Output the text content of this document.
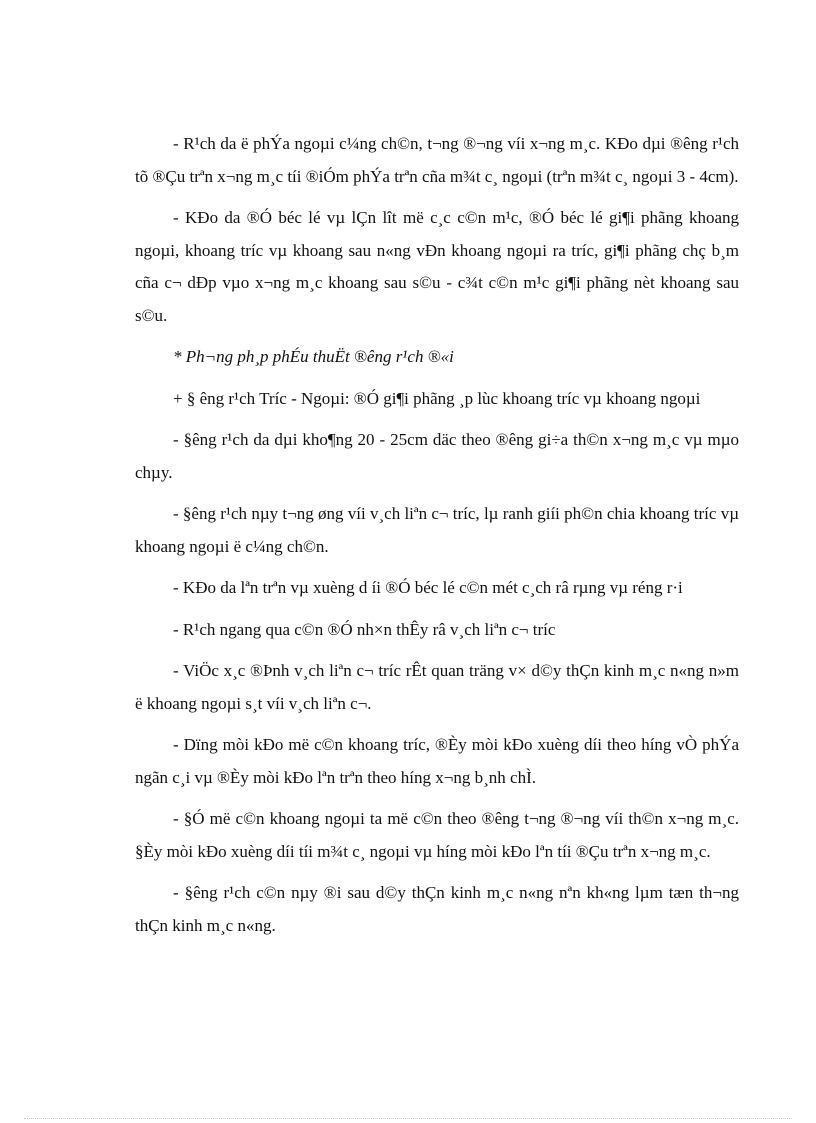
- R¹ch da ë phÝa ngoµi c¼ng ch©n, t¬ng ®¬ng víi x¬ng m¸c. KÐo dµi ®êng r¹ch tõ ®Çu trªn x¬ng m¸c tíi ®iÓm phÝa trªn cña m¾t c¸ ngoµi (trªn m¾t c¸ ngoµi 3 - 4cm).

- KÐo da ®Ó béc lé vµ lÇn lît më c¸c c©n m¹c, ®Ó béc lé gi¶i phãng khoang ngoµi, khoang tríc vµ khoang sau n«ng vÐn khoang ngoµi ra tríc, gi¶i phãng chç b¸m cña c¬ dÐp vµo x¬ng m¸c khoang sau s©u - c¾t c©n m¹c gi¶i phãng nèt khoang sau s©u.

* Ph¬ng ph¸p phÉu thuËt ®êng r¹ch ®«i

+ § êng r¹ch Tríc - Ngoµi: ®Ó gi¶i phãng ¸p lùc khoang tríc vµ khoang ngoµi

- §êng r¹ch da dµi kho¶ng 20 - 25cm däc theo ®êng gi÷a th©n x¬ng m¸c vµ mµo chµy.

- §êng r¹ch nµy t¬ng øng víi v¸ch liªn c¬ tríc, lµ ranh giíi ph©n chia khoang tríc vµ khoang ngoµi ë c¼ng ch©n.

- KÐo da lªn trªn vµ xuèng d íi ®Ó béc lé c©n mét c¸ch râ rµng vµ réng r·i

- R¹ch ngang qua c©n ®Ó nh×n thÊy râ v¸ch liªn c¬ tríc

- ViÖc x¸c ®Þnh v¸ch liªn c¬ tríc rÊt quan träng v× d©y thÇn kinh m¸c n«ng n»m ë khoang ngoµi s¸t víi v¸ch liªn c¬.

- Dïng mòi kÐo më c©n khoang tríc, ®Èy mòi kÐo xuèng díi theo híng vÒ phÝa ngãn c¸i vµ ®Èy mòi kÐo lªn trªn theo híng x¬ng b¸nh chÌ.

- §Ó më c©n khoang ngoµi ta më c©n theo ®êng t¬ng ®¬ng víi th©n x¬ng m¸c. §Èy mòi kÐo xuèng díi tíi m¾t c¸ ngoµi vµ híng mòi kÐo lªn tíi ®Çu trªn x¬ng m¸c.

- §êng r¹ch c©n nµy ®i sau d©y thÇn kinh m¸c n«ng nªn kh«ng lµm tæn th¬ng thÇn kinh m¸c n«ng.
